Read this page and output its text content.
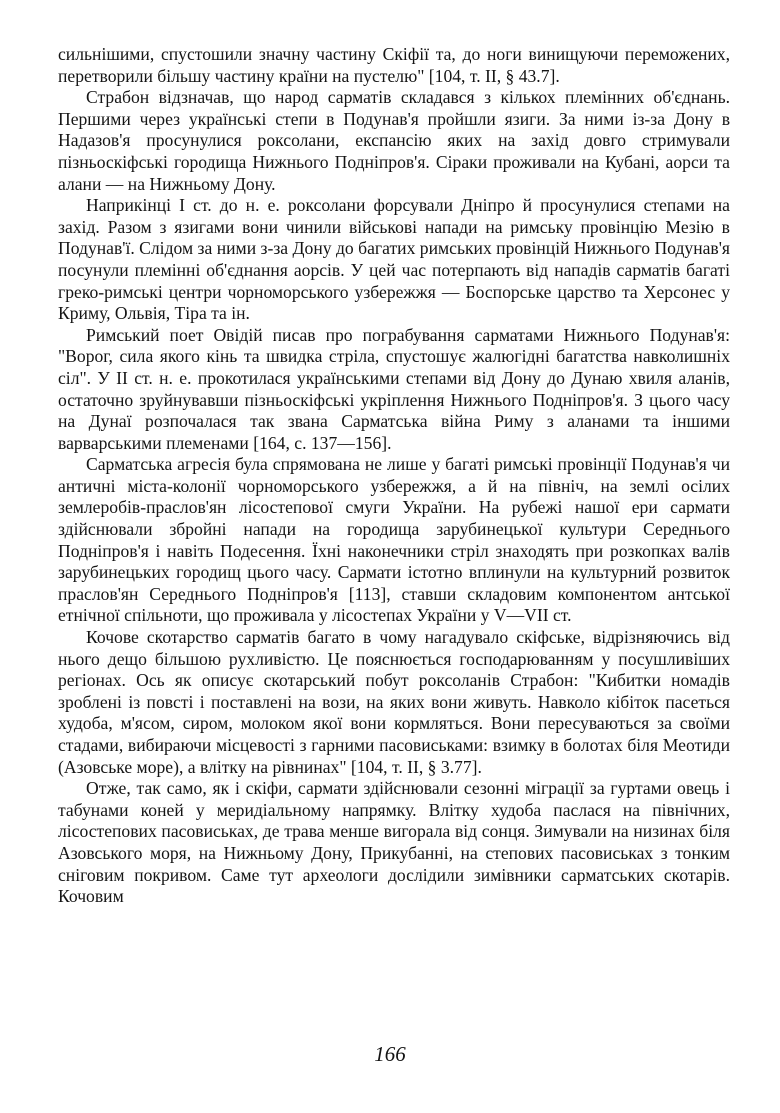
сильнішими, спустошили значну частину Скіфії та, до ноги винищуючи переможених, перетворили більшу частину країни на пустелю" [104, т. II, § 43.7].

Страбон відзначав, що народ сарматів складався з кількох племінних об'єднань. Першими через українські степи в Подунав'я пройшли язиги. За ними із-за Дону в Надазов'я просунулися роксолани, експансію яких на захід довго стримували пізньоскіфські городища Нижнього Подніпров'я. Сіраки проживали на Кубані, аорси та алани — на Нижньому Дону.

Наприкінці I ст. до н. е. роксолани форсували Дніпро й просунулися степами на захід. Разом з язигами вони чинили військові напади на римську провінцію Мезію в Подунав'ї. Слідом за ними з-за Дону до багатих римських провінцій Нижнього Подунав'я посунули племінні об'єднання аорсів. У цей час потерпають від нападів сарматів багаті греко-римські центри чорноморського узбережжя — Боспорське царство та Херсонес у Криму, Ольвія, Тіра та ін.

Римський поет Овідій писав про пограбування сарматами Нижнього Подунав'я: "Ворог, сила якого кінь та швидка стріла, спустошує жалюгідні багатства навколишніх сіл". У II ст. н. е. прокотилася українськими степами від Дону до Дунаю хвиля аланів, остаточно зруйнувавши пізньоскіфські укріплення Нижнього Подніпров'я. З цього часу на Дунаї розпочалася так звана Сарматська війна Риму з аланами та іншими варварськими племенами [164, с. 137—156].

Сарматська агресія була спрямована не лише у багаті римські провінції Подунав'я чи античні міста-колонії чорноморського узбережжя, а й на північ, на землі осілих землеробів-праслов'ян лісостепової смуги України. На рубежі нашої ери сармати здійснювали збройні напади на городища зарубинецької культури Середнього Подніпров'я і навіть Подесення. Їхні наконечники стріл знаходять при розкопках валів зарубинецьких городищ цього часу. Сармати істотно вплинули на культурний розвиток праслов'ян Середнього Подніпров'я [113], ставши складовим компонентом антської етнічної спільноти, що проживала у лісостепах України у V—VII ст.

Кочове скотарство сарматів багато в чому нагадувало скіфське, відрізняючись від нього дещо більшою рухливістю. Це пояснюється господарюванням у посушливіших регіонах. Ось як описує скотарський побут роксоланів Страбон: "Кибитки номадів зроблені із повсті і поставлені на вози, на яких вони живуть. Навколо кібіток пасеться худоба, м'ясом, сиром, молоком якої вони кормляться. Вони пересуваються за своїми стадами, вибираючи місцевості з гарними пасовиськами: взимку в болотах біля Меотиди (Азовське море), а влітку на рівнинах" [104, т. II, § 3.77].

Отже, так само, як і скіфи, сармати здійснювали сезонні міграції за гуртами овець і табунами коней у меридіальному напрямку. Влітку худоба паслася на північних, лісостепових пасовиськах, де трава менше вигорала від сонця. Зимували на низинах біля Азовського моря, на Нижньому Дону, Прикубанні, на степових пасовиськах з тонким сніговим покривом. Саме тут археологи дослідили зимівники сарматських скотарів. Кочовим

166
